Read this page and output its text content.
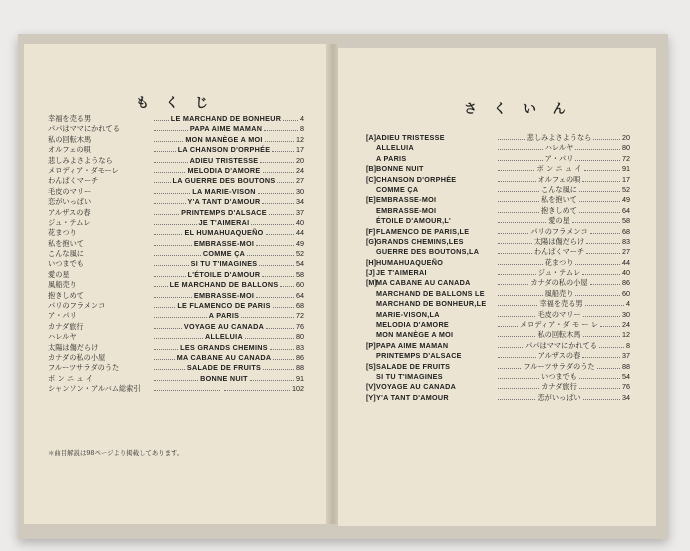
も く じ
幸福を売る男	LE MARCHAND DE BONHEUR	4
パパはママにかれてる	PAPA AIME MAMAN	8
私の回転木馬	MON MANÈGE A MOI	12
オルフェの唄	LA CHANSON D'ORPHÉE	17
悲しみよさようなら	ADIEU TRISTESSE	20
メロディア・ダモーレ	MELODIA D'AMORE	24
わんぱくマーチ	LA GUERRE DES BOUTONS	27
毛皮のマリー	LA MARIE-VISON	30
恋がいっぱい	Y'A TANT D'AMOUR	34
アルザスの春	PRINTEMPS D'ALSACE	37
ジュ・テムレ	JE T'AIMERAI	40
花まつり	EL HUMAHUAQUEÑO	44
私を抱いて	EMBRASSE-MOI	49
こんな風に	COMME ÇA	52
いつまでも	SI TU T'IMAGINES	54
愛の星	L'ÉTOILE D'AMOUR	58
風船売り	LE MARCHAND DE BALLONS 60
抱きしめて	EMBRASSE-MOI	64
パリのフラメンコ	LE FLAMENCO DE PARIS	68
ア・パリ	A PARIS	72
カナダ旅行	VOYAGE AU CANADA	76
ハレルヤ	ALLELUIA	80
太陽は傷だらけ	LES GRANDS CHEMINS	83
カナダの私の小屋	MA CABANE AU CANADA	86
フルーツサラダのうた	SALADE DE FRUITS	88
ボ ン ニ ュ イ	BONNE NUIT	91
シャンソン・アルバム総索引	102
＊曲目解説は98ページより掲載してあります。
さ く い ん
[A] ADIEU TRISTESSE	悲しみよさようなら	20
ALLELUIA	ハレルヤ	80
A PARIS	ア・パリ	72
[B] BONNE NUIT	ボ ン ニ ュ イ	91
[C] CHANSON D'ORPHÉE	オルフェの唄	17
COMME ÇA	こんな風に	52
[E] EMBRASSE-MOI	私を抱いて	49
EMBRASSE-MOI	抱きしめて	64
ÉTOILE D'AMOUR,L'	愛の星	58
[F] FLAMENCO DE PARIS,LE	パリのフラメンコ	68
[G] GRANDS CHEMINS,LES	太陽は傷だらけ	83
GUERRE DES BOUTONS,LA	わんぱくマーチ	27
[H] HUMAHUAQUEÑO	花まつり	44
[J] JE T'AIMERAI	ジュ・テムレ	40
[M] MA CABANE AU CANADA	カナダの私の小屋	86
MARCHAND DE BALLONS LE	風船売り	60
MARCHAND DE BONHEUR,LE	幸福を売る男	4
MARIE-VISON,LA	毛皮のマリー	30
MELODIA D'AMORE	メロディア・ダ モ ー レ	24
MON MANÈGE A MOI	私の回転木馬	12
[P] PAPA AIME MAMAN	パパはママにかれてる	8
PRINTEMPS D'ALSACE	アルザスの春	37
[S] SALADE DE FRUITS	フルーツサラダのうた	88
SI TU T'IMAGINES	いつまでも	54
[V] VOYAGE AU CANADA	カナダ旅行	76
[Y] Y'A TANT D'AMOUR	恋がいっぱい	34
